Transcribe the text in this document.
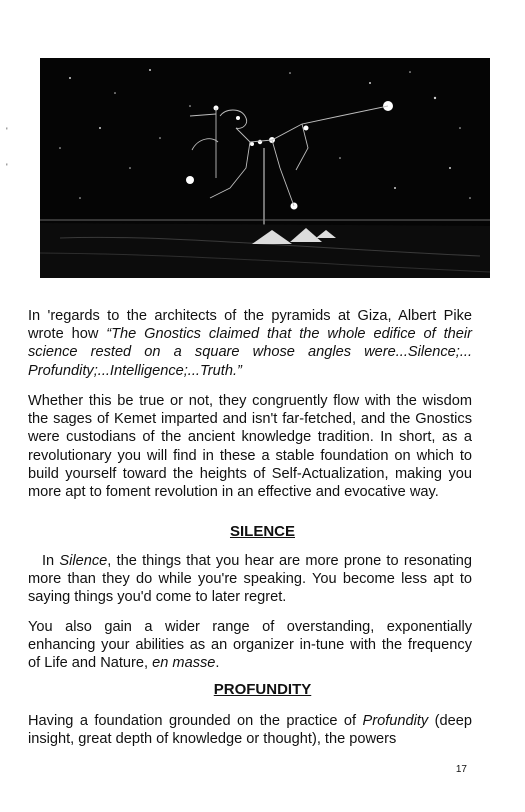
'
'
In 'regards to the architects of the pyramids at Giza, Albert Pike wrote how “The Gnostics claimed that the whole edifice of their science rested on a square whose angles were...Silence;... Profundity;...Intelligence;...Truth.”
Whether this be true or not, they congruently flow with the wisdom the sages of Kemet imparted and isn't far-fetched, and the Gnostics were custodians of the ancient knowledge tradition. In short, as a revolutionary you will find in these a stable foundation on which to build yourself toward the heights of Self-Actualization, making you more apt to foment revolution in an effective and evocative way.
SILENCE
In Silence, the things that you hear are more prone to resonating more than they do while you're speaking. You become less apt to saying things you'd come to later regret.
You also gain a wider range of overstanding, exponentially enhancing your abilities as an organizer in-tune with the frequency of Life and Nature, en masse.
PROFUNDITY
Having a foundation grounded on the practice of Profundity (deep insight, great depth of knowledge or thought), the powers
17
